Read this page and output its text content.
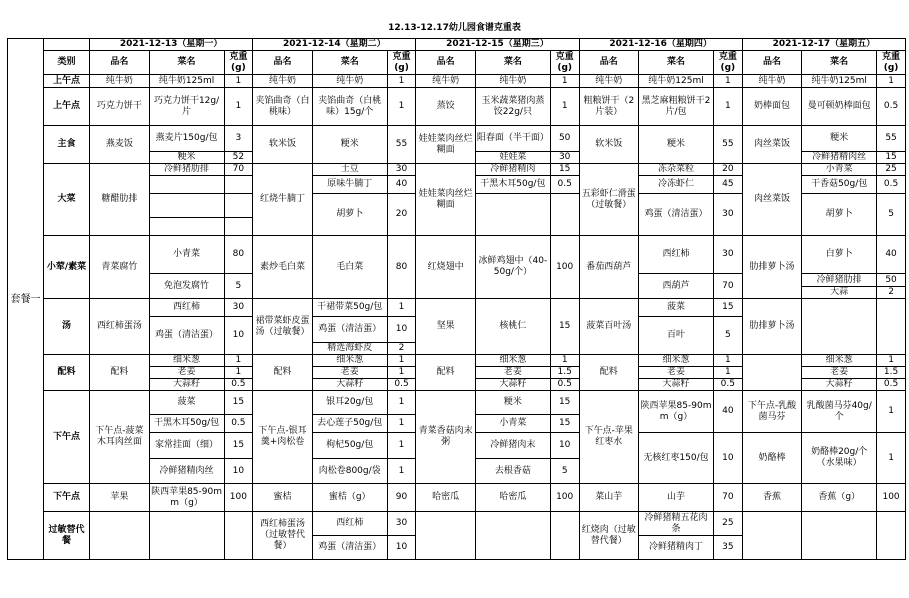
12.13-12.17幼儿园食谱克重表
套餐一		2021-12-13（星期一）			2021-12-14（星期二）			2021-12-15（星期三）			2021-12-16（星期四）			2021-12-17（星期五）		
	类别	品名	菜名	克重(g)	品名	菜名	克重(g)	品名	菜名	克重(g)	品名	菜名	克重(g)	品名	菜名	克重(g)
	上午点	纯牛奶	纯牛奶125ml	1	纯牛奶	纯牛奶	1	纯牛奶	纯牛奶	1	纯牛奶	纯牛奶125ml	1	纯牛奶	纯牛奶125ml	1
	上午点	巧克力饼干	巧克力饼干12g/片	1	夹馅曲奇（白桃味）	夹馅曲奇（白桃味）15g/个	1	蒸饺	玉米蔬菜猪肉蒸饺22g/只	1	粗粮饼干（2片装）	黑芝麻粗粮饼干2片/包	1	奶棒面包	曼可顿奶棒面包	0.5
	主食	燕麦饭	燕麦片150g/包	3	软米饭	粳米	55	娃娃菜肉丝烂糊面	阳春面（半干面）	50	软米饭	粳米	55	肉丝菜饭	粳米	55
			粳米	52					娃娃菜	30					冷鲜猪精肉丝	15
	大菜	糖醋肋排	冷鲜猪肋排	70	红烧牛腩丁	土豆	30	娃娃菜肉丝烂糊面	冷鲜猪精肉	15	五彩虾仁滑蛋（过敏餐）	冻杂菜粒	20	肉丝菜饭	小青菜	25
						原味牛腩丁	40		干黑木耳50g/包	0.5		冷冻虾仁	45		干香菇50g/包	0.5
						胡萝卜	20					鸡蛋（清洁蛋）	30		胡萝卜	5

	小荤/素菜	青菜腐竹	小青菜	80	素炒毛白菜	毛白菜	80	红烧翅中	冰鲜鸡翅中（40-50g/个）	100	番茄西葫芦	西红柿	30	肋排萝卜汤	白萝卜	40
			免泡发腐竹	5								西葫芦	70		冷鲜猪肋排	50
															大蒜	2
	汤	西红柿蛋汤	西红柿	30	裙带菜虾皮蛋汤（过敏餐）	干裙带菜50g/包	1	坚果	核桃仁	15	菠菜百叶汤	菠菜	15	肋排萝卜汤		
			鸡蛋（清洁蛋）	10		鸡蛋（清洁蛋）	10					百叶	5			
						精选海虾皮	2									
	配料	配料	细米葱	1	配料	细米葱	1	配料	细米葱	1	配料	细米葱	1		细米葱	1
			老姜	1		老姜	1		老姜	1.5		老姜	1		老姜	1.5
			大蒜籽	0.5		大蒜籽	0.5		大蒜籽	0.5		大蒜籽	0.5		大蒜籽	0.5
	下午点	下午点-菠菜木耳肉丝面	菠菜	15	下午点-银耳羹+肉松卷	银耳20g/包	1	青菜香菇肉末粥	粳米	15	下午点-苹果红枣水	陕西苹果85-90mm（g）	40	下午点-乳酸菌马芬	乳酸菌马芬40g/个	1
			干黑木耳50g/包	0.5		去心莲子50g/包	1		小青菜	15						
			家常挂面（细）	15		枸杞50g/包	1		冷鲜猪肉末	10		无核红枣150/包	10	奶酪棒	奶酪棒20g/个（水果味）	1
			冷鲜猪精肉丝	10		肉松卷800g/袋	1		去根香菇	5						
	下午点	苹果	陕西苹果85-90mm（g）	100	蜜桔	蜜桔（g）	90	哈密瓜	哈密瓜	100	菜山芋	山芋	70	香蕉	香蕉（g）	100
	过敏替代餐				西红柿蛋汤（过敏替代餐）	西红柿	30				红烧肉（过敏替代餐）	冷鲜猪精五花肉条	25			
						鸡蛋（清洁蛋）	10					冷鲜猪精肉丁	35			
